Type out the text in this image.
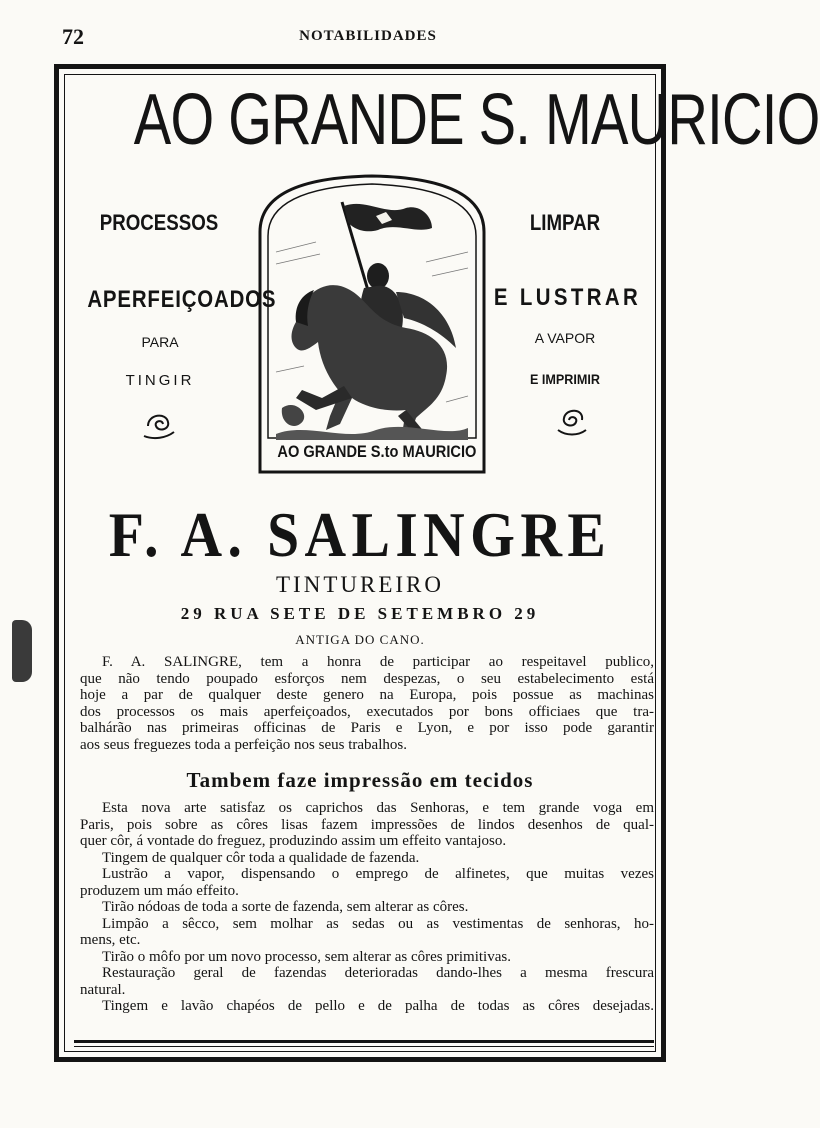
72	NOTABILIDADES
AO GRANDE S. MAURICIO
PROCESSOS
APERFEIÇOADOS
PARA
TINGIR
LIMPAR
E LUSTRAR
A VAPOR
E IMPRIMIR
AO GRANDE S.to MAURICIO
F. A. SALINGRE
TINTUREIRO
29 RUA SETE DE SETEMBRO 29
ANTIGA DO CANO.
F. A. SALINGRE, tem a honra de participar ao respeitavel publico,
que não tendo poupado esforços nem despezas, o seu estabelecimento está
hoje a par de qualquer deste genero na Europa, pois possue as machinas
dos processos os mais aperfeiçoados, executados por bons officiaes que tra-
balhárão nas primeiras officinas de Paris e Lyon, e por isso pode garantir
aos seus freguezes toda a perfeição nos seus trabalhos.
Tambem faze impressão em tecidos
Esta nova arte satisfaz os caprichos das Senhoras, e tem grande voga em
Paris, pois sobre as côres lisas fazem impressões de lindos desenhos de qual-
quer côr, á vontade do freguez, produzindo assim um effeito vantajoso.
Tingem de qualquer côr toda a qualidade de fazenda.
Lustrão a vapor, dispensando o emprego de alfinetes, que muitas vezes
produzem um máo effeito.
Tirão nódoas de toda a sorte de fazenda, sem alterar as côres.
Limpão a sêcco, sem molhar as sedas ou as vestimentas de senhoras, ho-
mens, etc.
Tirão o môfo por um novo processo, sem alterar as côres primitivas.
Restauração geral de fazendas deterioradas dando-lhes a mesma frescura
natural.
Tingem e lavão chapéos de pello e de palha de todas as côres desejadas.
